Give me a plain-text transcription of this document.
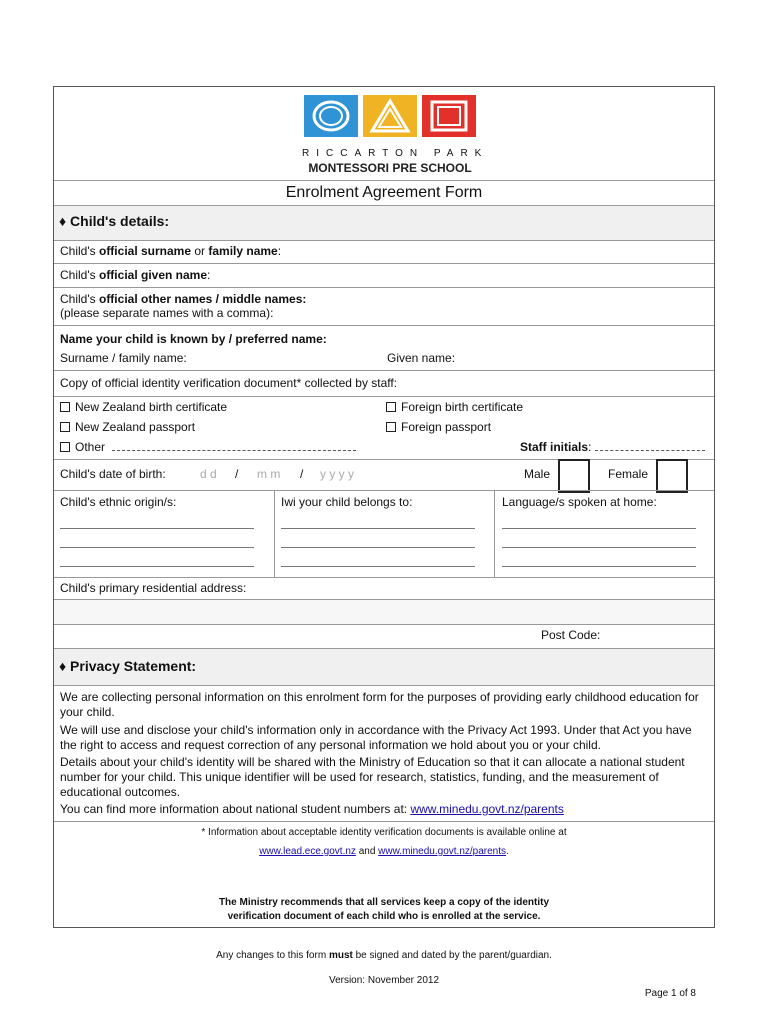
RICCARTON PARK
MONTESSORI PRE SCHOOL
Enrolment Agreement Form
♦ Child's details:
Child's official surname or family name:
Child's official given name:
Child's official other names / middle names:
(please separate names with a comma):
Name your child is known by / preferred name:
Surname / family name:	Given name:
Copy of official identity verification document* collected by staff:
New Zealand birth certificate	Foreign birth certificate
New Zealand passport	Foreign passport
Other	Staff initials:
Child's date of birth:	d d / m m / y y y y	Male	Female
Child's ethnic origin/s:	Iwi your child belongs to:	Language/s spoken at home:
Child's primary residential address:
Post Code:
♦ Privacy Statement:
We are collecting personal information on this enrolment form for the purposes of providing early childhood education for your child.
We will use and disclose your child's information only in accordance with the Privacy Act 1993. Under that Act you have the right to access and request correction of any personal information we hold about you or your child.
Details about your child's identity will be shared with the Ministry of Education so that it can allocate a national student number for your child. This unique identifier will be used for research, statistics, funding, and the measurement of educational outcomes.
You can find more information about national student numbers at: www.minedu.govt.nz/parents
* Information about acceptable identity verification documents is available online at
www.lead.ece.govt.nz and www.minedu.govt.nz/parents.
The Ministry recommends that all services keep a copy of the identity
verification document of each child who is enrolled at the service.
Any changes to this form must be signed and dated by the parent/guardian.
Version: November 2012
Page 1 of 8
